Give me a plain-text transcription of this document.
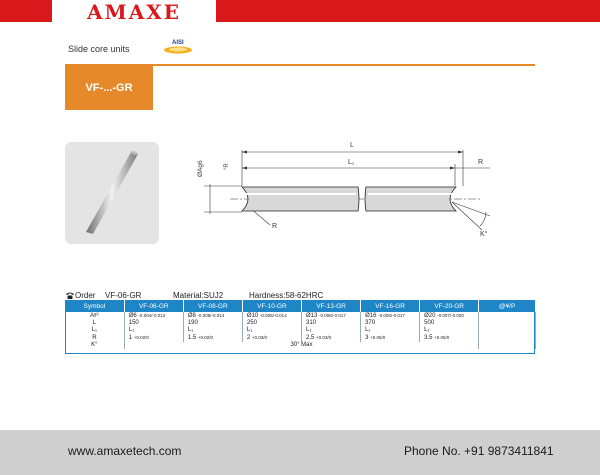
AMAXE
Slide core units
AISI
VF-...-GR
L
L₁	R
R
K°
ØAg6	°R
Order VF-06-GR	Material:SUJ2	Hardness:58-62HRC
Symbol	VF-06-GR	VF-08-GR	VF-10-GR	VF-13-GR	VF-16-GR	VF-20-GR	@¥/P
Aᵍ⁶	Ø6 -0.004/-0.012	Ø8 -0.005/-0.014	Ø10 -0.005/-0.014	Ø13 -0.006/-0.017	Ø16 -0.006/-0.017	Ø20 -0.007/-0.020	
L	150	190	250	310	370	500	
L₁	L₁	L₁	L₁	L₁	L₁	L₁	
R	1 +0.02/0	1.5 +0.02/0	2 +0.03/0	2.5 +0.03/0	3 +0.05/0	3.5 +0.05/0	
K°	30° Max						
www.amaxetech.com	Phone No. +91 9873411841
